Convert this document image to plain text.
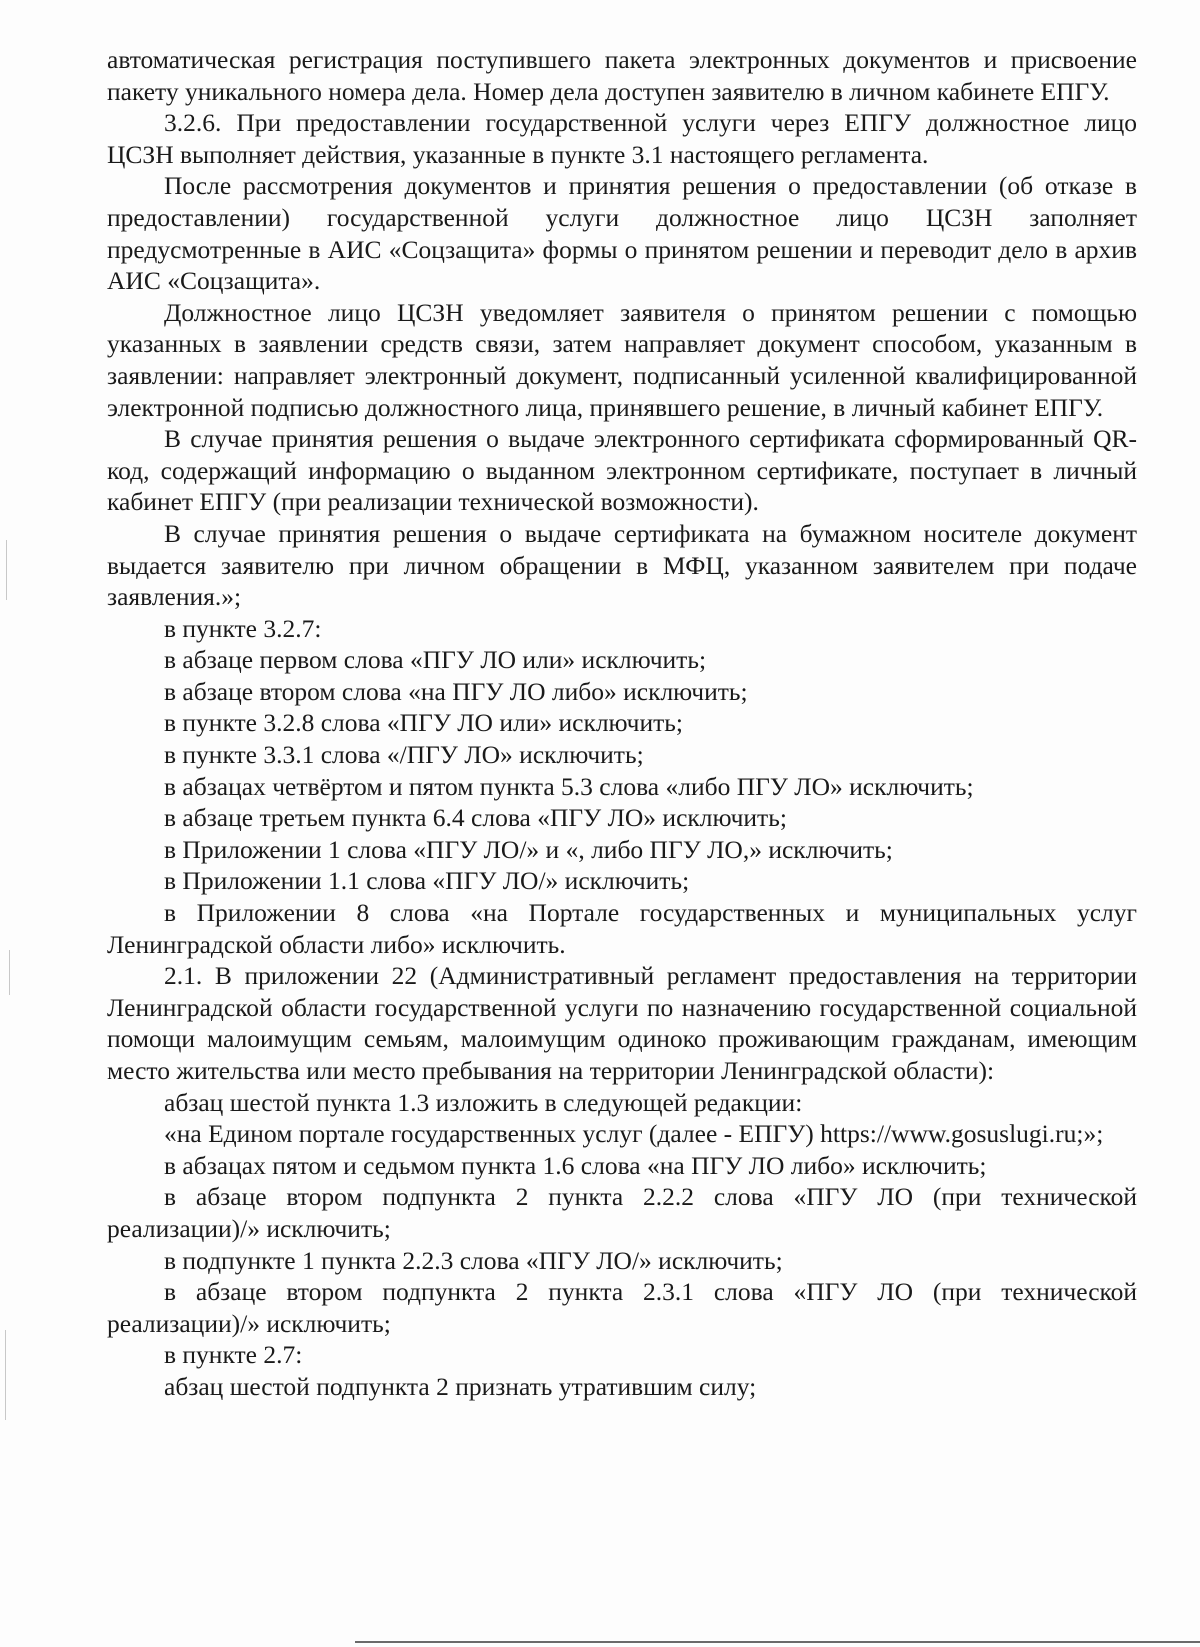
автоматическая регистрация поступившего пакета электронных документов и присвоение пакету уникального номера дела. Номер дела доступен заявителю в личном кабинете ЕПГУ.

3.2.6. При предоставлении государственной услуги через ЕПГУ должностное лицо ЦСЗН выполняет действия, указанные в пункте 3.1 настоящего регламента.

После рассмотрения документов и принятия решения о предоставлении (об отказе в предоставлении) государственной услуги должностное лицо ЦСЗН заполняет предусмотренные в АИС «Соцзащита» формы о принятом решении и переводит дело в архив АИС «Соцзащита».

Должностное лицо ЦСЗН уведомляет заявителя о принятом решении с помощью указанных в заявлении средств связи, затем направляет документ способом, указанным в заявлении: направляет электронный документ, подписанный усиленной квалифицированной электронной подписью должностного лица, принявшего решение, в личный кабинет ЕПГУ.

В случае принятия решения о выдаче электронного сертификата сформированный QR-код, содержащий информацию о выданном электронном сертификате, поступает в личный кабинет ЕПГУ (при реализации технической возможности).

В случае принятия решения о выдаче сертификата на бумажном носителе документ выдается заявителю при личном обращении в МФЦ, указанном заявителем при подаче заявления.»;

в пункте 3.2.7:

в абзаце первом слова «ПГУ ЛО или» исключить;

в абзаце втором слова «на ПГУ ЛО либо» исключить;

в пункте 3.2.8 слова «ПГУ ЛО или» исключить;

в пункте 3.3.1 слова «/ПГУ ЛО» исключить;

в абзацах четвёртом и пятом пункта 5.3 слова «либо ПГУ ЛО» исключить;

в абзаце третьем пункта 6.4 слова «ПГУ ЛО» исключить;

в Приложении 1 слова «ПГУ ЛО/» и «, либо ПГУ ЛО,» исключить;

в Приложении 1.1 слова «ПГУ ЛО/» исключить;

в Приложении 8 слова «на Портале государственных и муниципальных услуг Ленинградской области либо» исключить.

2.1. В приложении 22 (Административный регламент предоставления на территории Ленинградской области государственной услуги по назначению государственной социальной помощи малоимущим семьям, малоимущим одиноко проживающим гражданам, имеющим место жительства или место пребывания на территории Ленинградской области):

абзац шестой пункта 1.3 изложить в следующей редакции:

«на Едином портале государственных услуг (далее - ЕПГУ) https://www.gosuslugi.ru;»;

в абзацах пятом и седьмом пункта 1.6 слова «на ПГУ ЛО либо» исключить;

в абзаце втором подпункта 2 пункта 2.2.2 слова «ПГУ ЛО (при технической реализации)/» исключить;

в подпункте 1 пункта 2.2.3 слова «ПГУ ЛО/» исключить;

в абзаце втором подпункта 2 пункта 2.3.1 слова «ПГУ ЛО (при технической реализации)/» исключить;

в пункте 2.7:

абзац шестой подпункта 2 признать утратившим силу;
